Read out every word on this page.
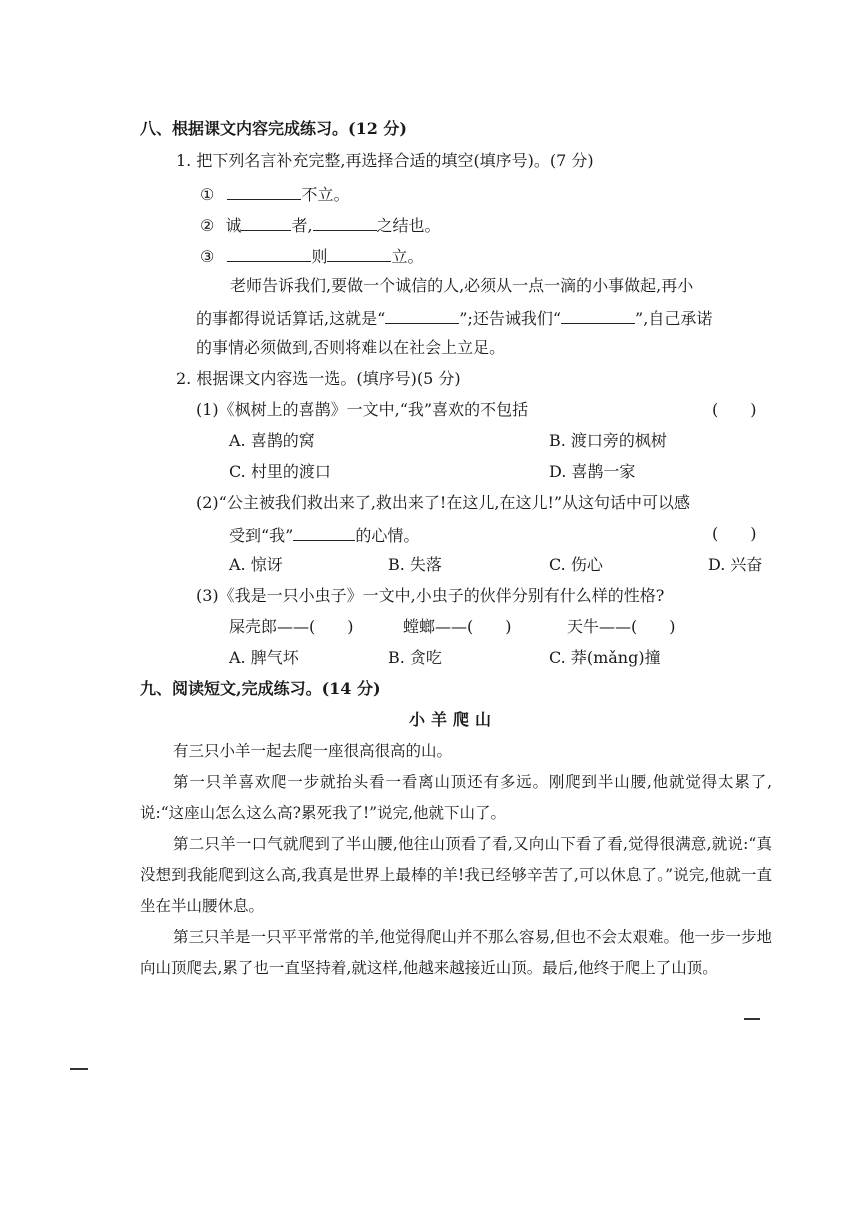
八、根据课文内容完成练习。(12 分)
1. 把下列名言补充完整,再选择合适的填空(填序号)。(7 分)
①	不立。
② 诚	者,	之结也。
③	则	立。
老师告诉我们,要做一个诚信的人,必须从一点一滴的小事做起,再小
的事都得说话算话,这就是“	”;还告诫我们“	”,自己承诺
的事情必须做到,否则将难以在社会上立足。
2. 根据课文内容选一选。(填序号)(5 分)
(1)《枫树上的喜鹊》一文中,“我”喜欢的不包括	(　　)
A. 喜鹊的窝	B. 渡口旁的枫树
C. 村里的渡口	D. 喜鹊一家
(2)“公主被我们救出来了,救出来了!在这儿,在这儿!”从这句话中可以感
受到“我”	的心情。	(　　)
A. 惊讶	B. 失落	C. 伤心	D. 兴奋
(3)《我是一只小虫子》一文中,小虫子的伙伴分别有什么样的性格?
屎壳郎——(　　)	螳螂——(　　)	天牛——(　　)
A. 脾气坏	B. 贪吃	C. 莽(mǎng)撞
九、阅读短文,完成练习。(14 分)
小羊爬山
有三只小羊一起去爬一座很高很高的山。
第一只羊喜欢爬一步就抬头看一看离山顶还有多远。刚爬到半山腰,他就觉得太累了,说:“这座山怎么这么高?累死我了!”说完,他就下山了。
第二只羊一口气就爬到了半山腰,他往山顶看了看,又向山下看了看,觉得很满意,就说:“真没想到我能爬到这么高,我真是世界上最棒的羊!我已经够辛苦了,可以休息了。”说完,他就一直坐在半山腰休息。
第三只羊是一只平平常常的羊,他觉得爬山并不那么容易,但也不会太艰难。他一步一步地向山顶爬去,累了也一直坚持着,就这样,他越来越接近山顶。最后,他终于爬上了山顶。
